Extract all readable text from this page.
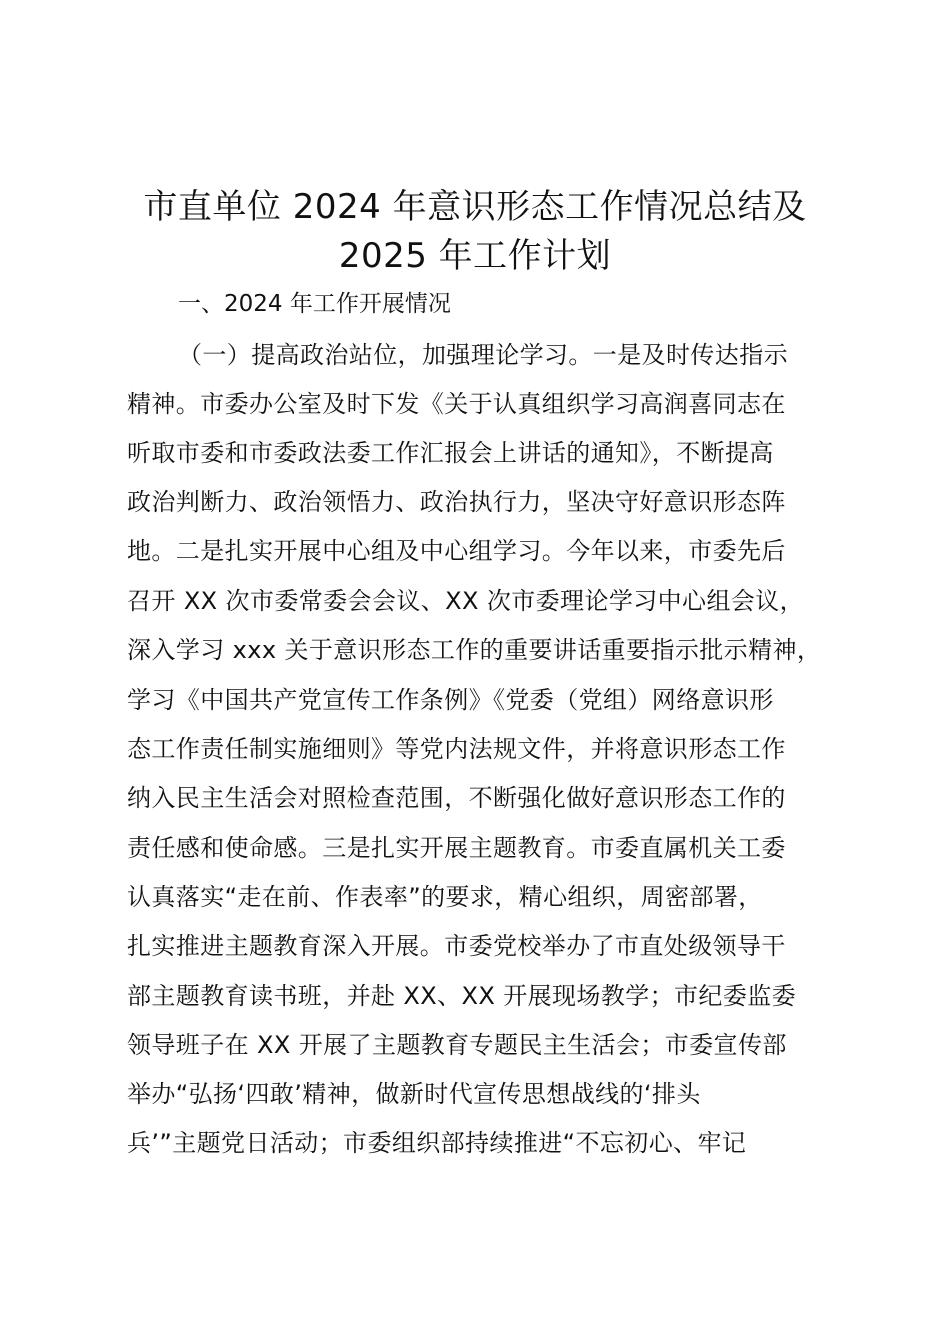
市直单位 2024 年意识形态工作情况总结及
2025 年工作计划
一、2024 年工作开展情况
（一）提高政治站位，加强理论学习。一是及时传达指示
精神。市委办公室及时下发《关于认真组织学习高润喜同志在
听取市委和市委政法委工作汇报会上讲话的通知》，不断提高
政治判断力、政治领悟力、政治执行力，坚决守好意识形态阵
地。二是扎实开展中心组及中心组学习。今年以来，市委先后
召开 XX 次市委常委会会议、XX 次市委理论学习中心组会议，
深入学习 xxx 关于意识形态工作的重要讲话重要指示批示精神，
学习《中国共产党宣传工作条例》《党委（党组）网络意识形
态工作责任制实施细则》等党内法规文件，并将意识形态工作
纳入民主生活会对照检查范围，不断强化做好意识形态工作的
责任感和使命感。三是扎实开展主题教育。市委直属机关工委
认真落实“走在前、作表率”的要求，精心组织，周密部署，
扎实推进主题教育深入开展。市委党校举办了市直处级领导干
部主题教育读书班，并赴 XX、XX 开展现场教学；市纪委监委
领导班子在 XX 开展了主题教育专题民主生活会；市委宣传部
举办“弘扬‘四敢’精神，做新时代宣传思想战线的‘排头
兵’”主题党日活动；市委组织部持续推进“不忘初心、牢记
